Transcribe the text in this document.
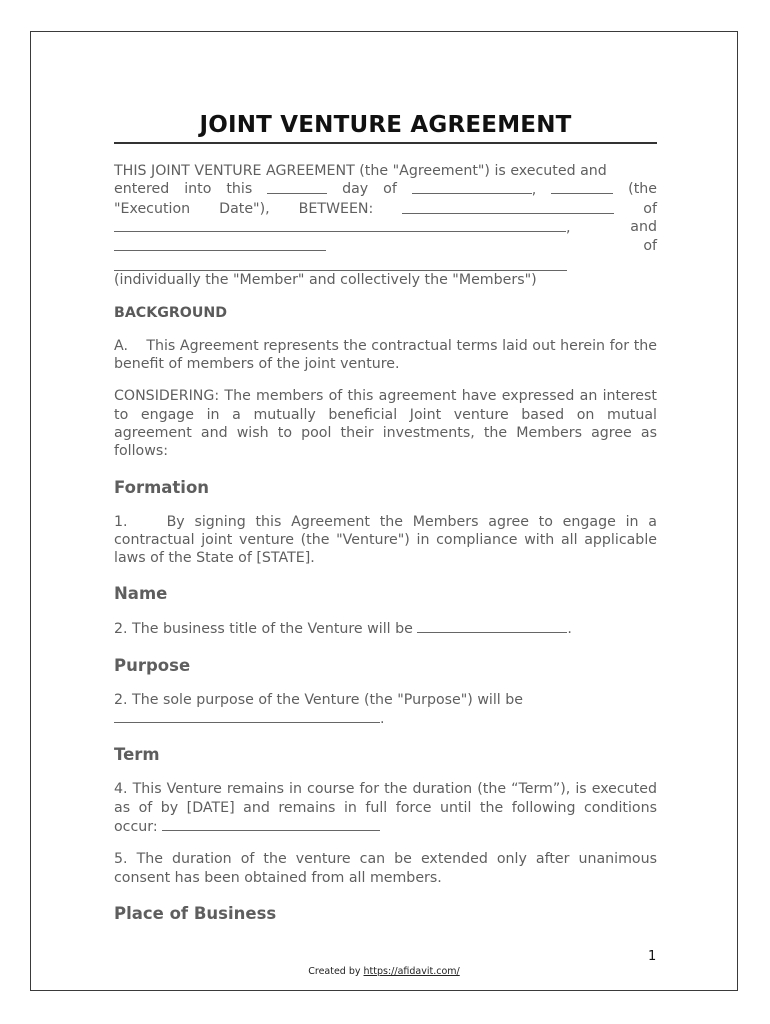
JOINT VENTURE AGREEMENT

THIS JOINT VENTURE AGREEMENT (the "Agreement") is executed and

entered into this	day of	,	(the
"Execution Date"), BETWEEN:	of
,	and
of

(individually the "Member" and collectively the "Members")

BACKGROUND

A.    This Agreement represents the contractual terms laid out herein for the benefit of members of the joint venture.

CONSIDERING: The members of this agreement have expressed an interest to engage in a mutually beneficial Joint venture based on mutual agreement and wish to pool their investments, the Members agree as follows:

Formation

1.    By signing this Agreement the Members agree to engage in a contractual joint venture (the "Venture") in compliance with all applicable laws of the State of [STATE].

Name

2. The business title of the Venture will be	.

Purpose

2. The sole purpose of the Venture (the "Purpose") will be
.

Term

4. This Venture remains in course for the duration (the “Term”), is executed as of by [DATE] and remains in full force until the following conditions occur:

5. The duration of the venture can be extended only after unanimous consent has been obtained from all members.

Place of Business
1
Created by https://afidavit.com/
